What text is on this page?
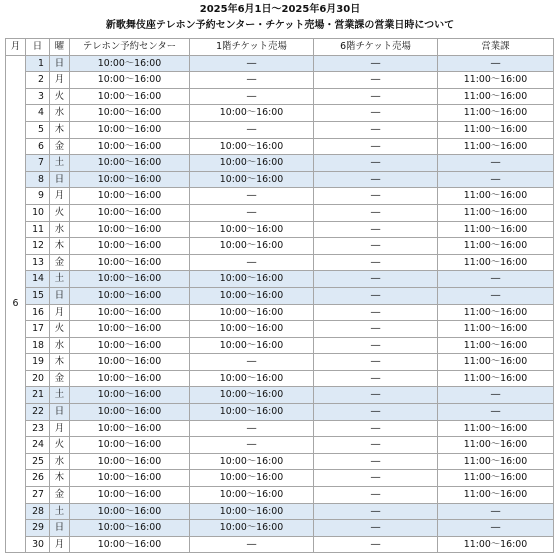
2025年6月1日～2025年6月30日
新歌舞伎座テレホン予約センター・チケット売場・営業課の営業日時について
月	日	曜	テレホン予約センター	1階チケット売場	6階チケット売場	営業課
6	1	日	10:00～16:00	―	―	―
	2	月	10:00～16:00	―	―	11:00～16:00
	3	火	10:00～16:00	―	―	11:00～16:00
	4	水	10:00～16:00	10:00～16:00	―	11:00～16:00
	5	木	10:00～16:00	―	―	11:00～16:00
	6	金	10:00～16:00	10:00～16:00	―	11:00～16:00
	7	土	10:00～16:00	10:00～16:00	―	―
	8	日	10:00～16:00	10:00～16:00	―	―
	9	月	10:00～16:00	―	―	11:00～16:00
	10	火	10:00～16:00	―	―	11:00～16:00
	11	水	10:00～16:00	10:00～16:00	―	11:00～16:00
	12	木	10:00～16:00	10:00～16:00	―	11:00～16:00
	13	金	10:00～16:00	―	―	11:00～16:00
	14	土	10:00～16:00	10:00～16:00	―	―
	15	日	10:00～16:00	10:00～16:00	―	―
	16	月	10:00～16:00	10:00～16:00	―	11:00～16:00
	17	火	10:00～16:00	10:00～16:00	―	11:00～16:00
	18	水	10:00～16:00	10:00～16:00	―	11:00～16:00
	19	木	10:00～16:00	―	―	11:00～16:00
	20	金	10:00～16:00	10:00～16:00	―	11:00～16:00
	21	土	10:00～16:00	10:00～16:00	―	―
	22	日	10:00～16:00	10:00～16:00	―	―
	23	月	10:00～16:00	―	―	11:00～16:00
	24	火	10:00～16:00	―	―	11:00～16:00
	25	水	10:00～16:00	10:00～16:00	―	11:00～16:00
	26	木	10:00～16:00	10:00～16:00	―	11:00～16:00
	27	金	10:00～16:00	10:00～16:00	―	11:00～16:00
	28	土	10:00～16:00	10:00～16:00	―	―
	29	日	10:00～16:00	10:00～16:00	―	―
	30	月	10:00～16:00	―	―	11:00～16:00
